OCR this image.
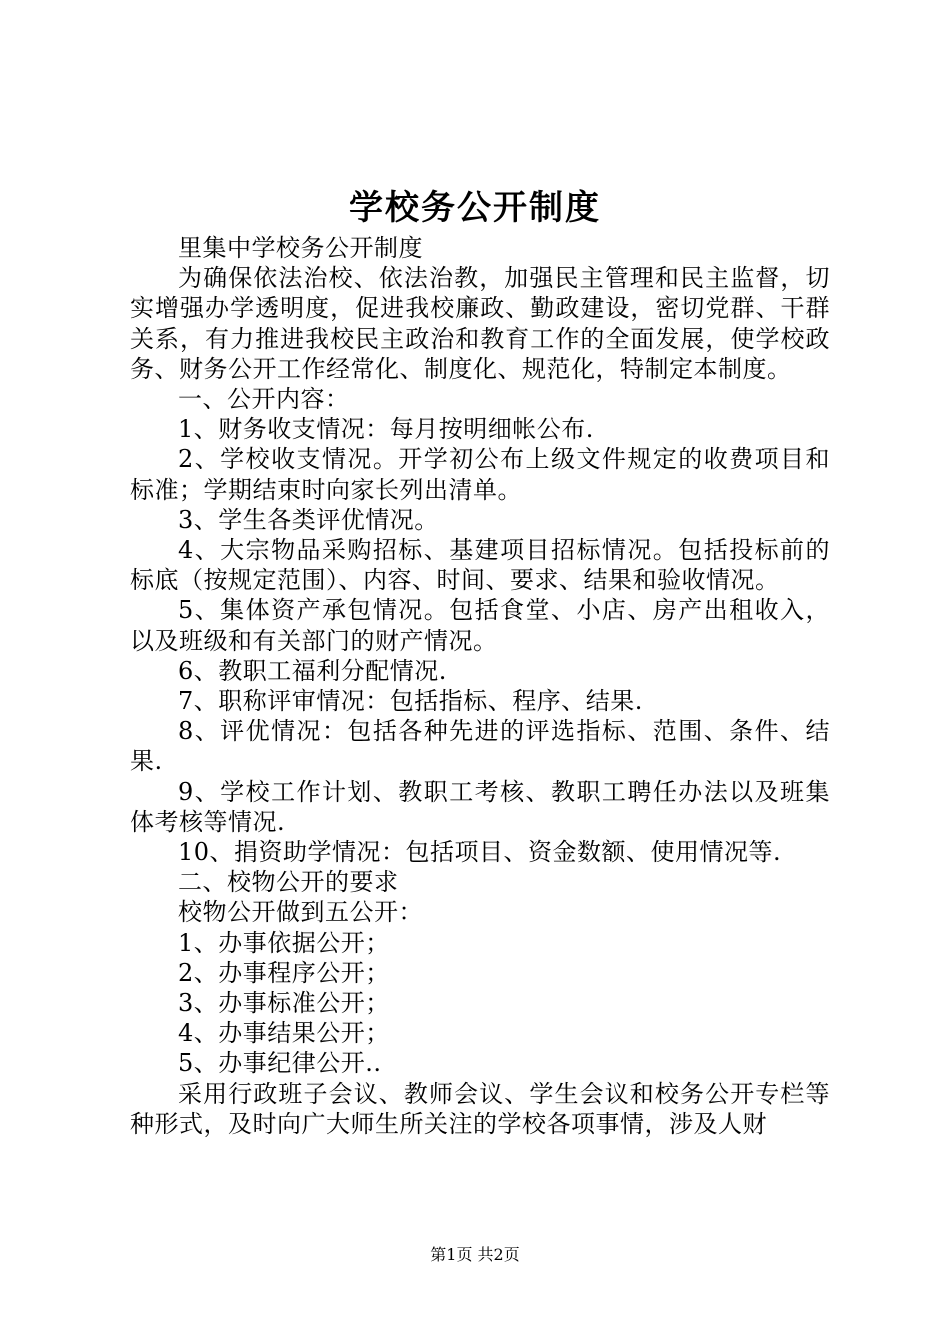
学校务公开制度

里集中学校务公开制度

为确保依法治校、依法治教，加强民主管理和民主监督，切实增强办学透明度，促进我校廉政、勤政建设，密切党群、干群关系，有力推进我校民主政治和教育工作的全面发展，使学校政务、财务公开工作经常化、制度化、规范化，特制定本制度。

一、公开内容：

1、财务收支情况：每月按明细帐公布.

2、学校收支情况。开学初公布上级文件规定的收费项目和标准；学期结束时向家长列出清单。

3、学生各类评优情况。

4、大宗物品采购招标、基建项目招标情况。包括投标前的标底（按规定范围）、内容、时间、要求、结果和验收情况。

5、集体资产承包情况。包括食堂、小店、房产出租收入，以及班级和有关部门的财产情况。

6、教职工福利分配情况.

7、职称评审情况：包括指标、程序、结果.

8、评优情况：包括各种先进的评选指标、范围、条件、结果.

9、学校工作计划、教职工考核、教职工聘任办法以及班集体考核等情况.

10、捐资助学情况：包括项目、资金数额、使用情况等.

二、校物公开的要求

校物公开做到五公开：

1、办事依据公开；

2、办事程序公开；

3、办事标准公开；

4、办事结果公开；

5、办事纪律公开..

采用行政班子会议、教师会议、学生会议和校务公开专栏等种形式，及时向广大师生所关注的学校各项事情，涉及人财

第1页 共2页
